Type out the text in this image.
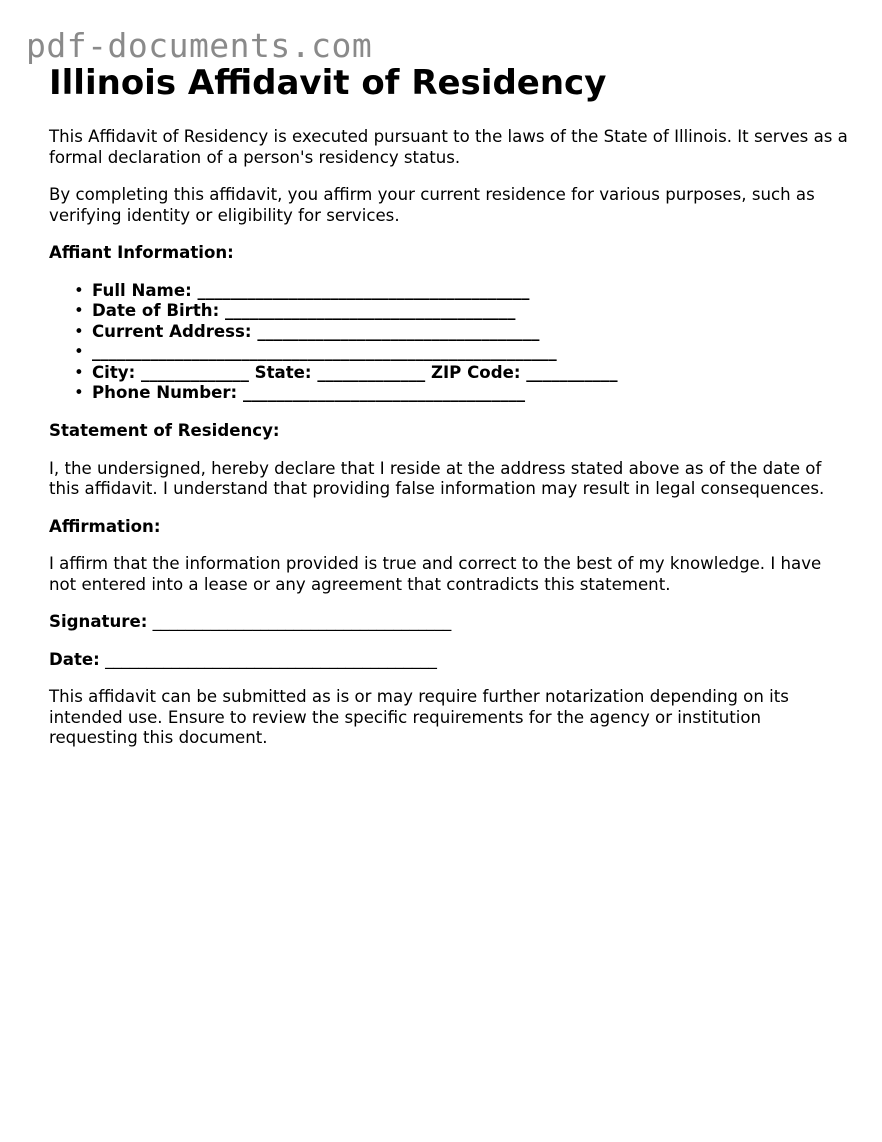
pdf-documents.com
Illinois Affidavit of Residency

This Affidavit of Residency is executed pursuant to the laws of the State of Illinois. It serves as a formal declaration of a person's residency status.

By completing this affidavit, you affirm your current residence for various purposes, such as verifying identity or eligibility for services.

Affiant Information:

• Full Name: ________________________________________
• Date of Birth: ___________________________________
• Current Address: __________________________________
• ________________________________________________________
• City: _____________ State: _____________ ZIP Code: ___________
• Phone Number: __________________________________

Statement of Residency:

I, the undersigned, hereby declare that I reside at the address stated above as of the date of this affidavit. I understand that providing false information may result in legal consequences.

Affirmation:

I affirm that the information provided is true and correct to the best of my knowledge. I have not entered into a lease or any agreement that contradicts this statement.

Signature: ____________________________________

Date: ________________________________________

This affidavit can be submitted as is or may require further notarization depending on its intended use. Ensure to review the specific requirements for the agency or institution requesting this document.
